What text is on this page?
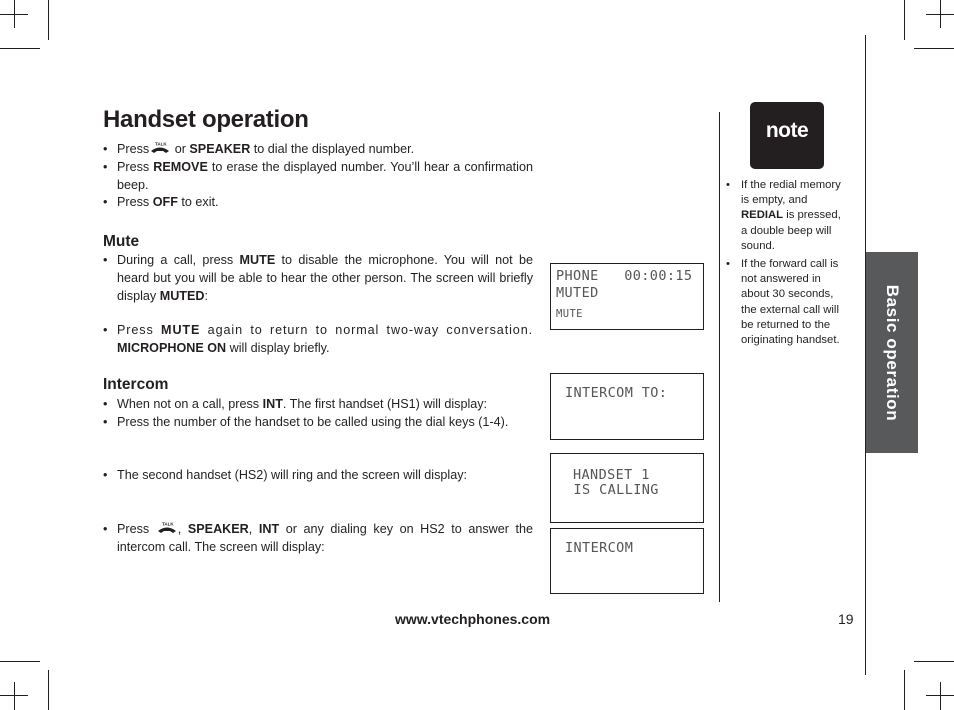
Handset operation
• Press TALK or SPEAKER to dial the displayed number.
• Press REMOVE to erase the displayed number. You’ll hear a confirmation beep.
• Press OFF to exit.
Mute
• During a call, press MUTE to disable the microphone. You will not be heard but you will be able to hear the other person. The screen will briefly display MUTED:
• Press MUTE again to return to normal two-way conversation. MICROPHONE ON will display briefly.
Intercom
• When not on a call, press INT. The first handset (HS1) will display:
• Press the number of the handset to be called using the dial keys (1-4).
• The second handset (HS2) will ring and the screen will display:
• Press TALK , SPEAKER, INT or any dialing key on HS2 to answer the intercom call. The screen will display:
PHONE   00:00:15
MUTED
MUTE
INTERCOM TO:
HANDSET 1
IS CALLING
INTERCOM
note
• If the redial memory is empty, and REDIAL is pressed, a double beep will sound.
• If the forward call is not answered in about 30 seconds, the external call will be returned to the originating handset.	Basic operation
www.vtechphones.com	19
